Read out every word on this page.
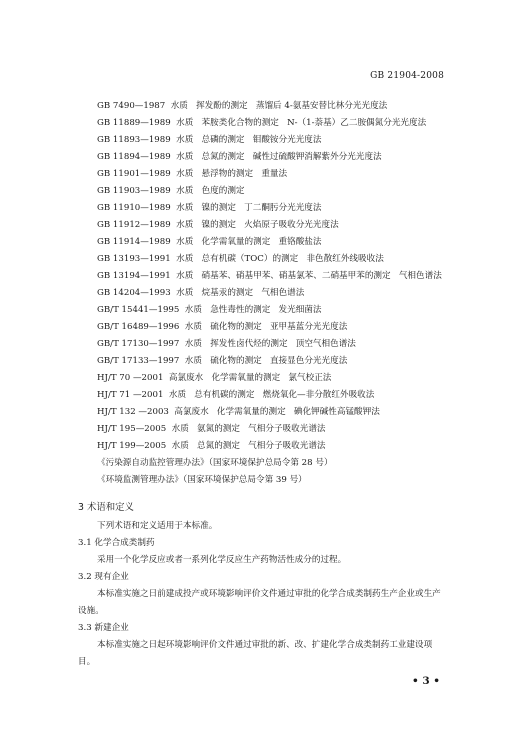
GB 21904-2008
GB 7490—1987  水质   挥发酚的测定   蒸馏后 4-氨基安替比林分光光度法
GB 11889—1989  水质   苯胺类化合物的测定   N-（1-萘基）乙二胺偶氮分光光度法
GB 11893—1989  水质   总磷的测定   钼酸铵分光光度法
GB 11894—1989  水质   总氮的测定   碱性过硫酸钾消解紫外分光光度法
GB 11901—1989  水质   悬浮物的测定   重量法
GB 11903—1989  水质   色度的测定
GB 11910—1989  水质   镍的测定   丁二酮肟分光光度法
GB 11912—1989  水质   镍的测定   火焰原子吸收分光光度法
GB 11914—1989  水质   化学需氧量的测定   重铬酸盐法
GB 13193—1991  水质   总有机碳（TOC）的测定   非色散红外线吸收法
GB 13194—1991  水质   硝基苯、硝基甲苯、硝基氯苯、二硝基甲苯的测定   气相色谱法
GB 14204—1993  水质   烷基汞的测定   气相色谱法
GB/T 15441—1995  水质   急性毒性的测定   发光细菌法
GB/T 16489—1996  水质   硫化物的测定   亚甲基蓝分光光度法
GB/T 17130—1997  水质   挥发性卤代烃的测定   顶空气相色谱法
GB/T 17133—1997  水质   硫化物的测定   直接显色分光光度法
HJ/T 70 —2001  高氯废水   化学需氧量的测定   氯气校正法
HJ/T 71 —2001  水质   总有机碳的测定   燃烧氧化—非分散红外吸收法
HJ/T 132 —2003  高氯废水   化学需氧量的测定   碘化钾碱性高锰酸钾法
HJ/T 195—2005  水质   氨氮的测定   气相分子吸收光谱法
HJ/T 199—2005  水质   总氮的测定   气相分子吸收光谱法
《污染源自动监控管理办法》（国家环境保护总局令第 28 号）
《环境监测管理办法》（国家环境保护总局令第 39 号）
3 术语和定义
下列术语和定义适用于本标准。
3.1 化学合成类制药
采用一个化学反应或者一系列化学反应生产药物活性成分的过程。
3.2 现有企业
本标准实施之日前建成投产或环境影响评价文件通过审批的化学合成类制药生产企业或生产设施。
3.3 新建企业
本标准实施之日起环境影响评价文件通过审批的新、改、扩建化学合成类制药工业建设项目。
• 3 •
